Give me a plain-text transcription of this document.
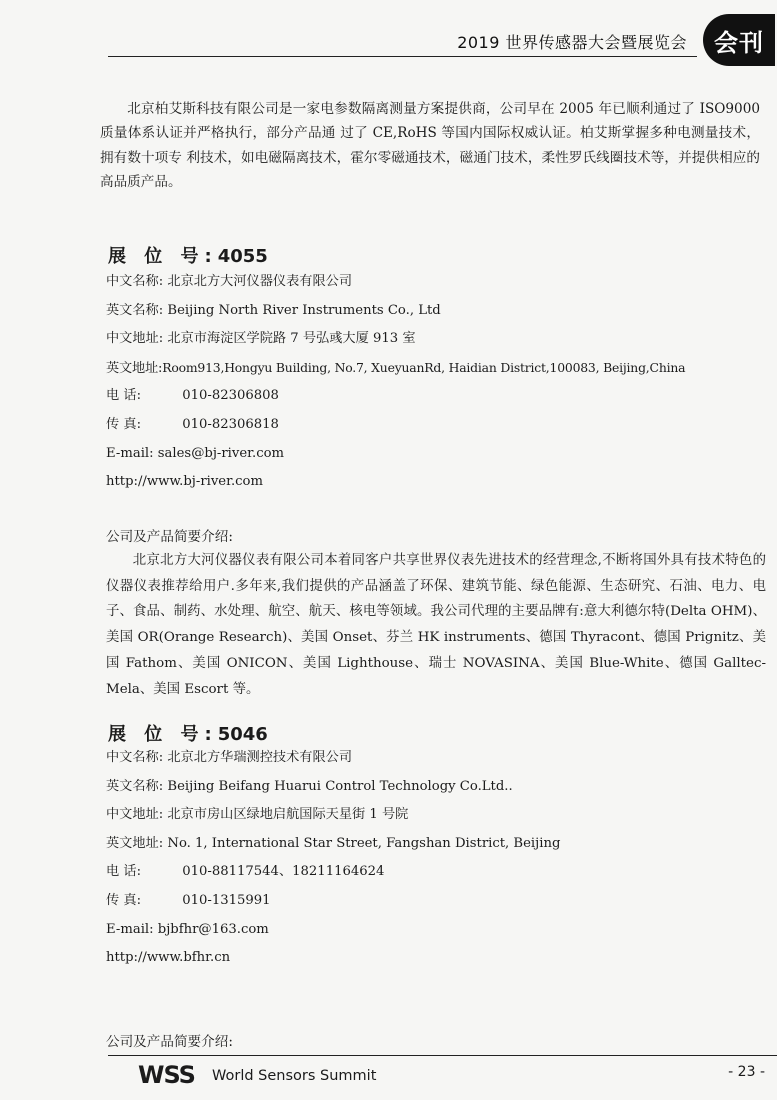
2019 世界传感器大会暨展览会	会刊
北京柏艾斯科技有限公司是一家电参数隔离测量方案提供商，公司早在 2005 年已顺利通过了 ISO9000 质量体系认证并严格执行，部分产品通 过了 CE,RoHS 等国内国际权威认证。柏艾斯掌握多种电测量技术，拥有数十项专 利技术，如电磁隔离技术，霍尔零磁通技术，磁通门技术，柔性罗氏线圈技术等，并提供相应的高品质产品。
展 位 号:4055
中文名称: 北京北方大河仪器仪表有限公司
英文名称: Beijing North River Instruments Co., Ltd
中文地址: 北京市海淀区学院路 7 号弘彧大厦 913 室
英文地址:Room913,Hongyu Building, No.7, XueyuanRd, Haidian District,100083, Beijing,China
电 话:	010-82306808
传 真:	010-82306818
E-mail: sales@bj-river.com
http://www.bj-river.com
公司及产品简要介绍:
北京北方大河仪器仪表有限公司本着同客户共享世界仪表先进技术的经营理念,不断将国外具有技术特色的仪器仪表推荐给用户.多年来,我们提供的产品涵盖了环保、建筑节能、绿色能源、生态研究、石油、电力、电子、食品、制药、水处理、航空、航天、核电等领域。我公司代理的主要品牌有:意大利德尔特(Delta OHM)、美国 OR(Orange Research)、美国 Onset、芬兰 HK instruments、德国 Thyracont、德国 Prignitz、美国 Fathom、美国 ONICON、美国 Lighthouse、瑞士 NOVASINA、美国 Blue-White、德国 Galltec-Mela、美国 Escort 等。
展 位 号:5046
中文名称: 北京北方华瑞测控技术有限公司
英文名称: Beijing Beifang Huarui Control Technology Co.Ltd..
中文地址: 北京市房山区绿地启航国际天星街 1 号院
英文地址: No. 1, International Star Street, Fangshan District, Beijing
电 话:	010-88117544、18211164624
传 真:	010-1315991
E-mail: bjbfhr@163.com
http://www.bfhr.cn
公司及产品简要介绍:
WSS World Sensors Summit	- 23 -
